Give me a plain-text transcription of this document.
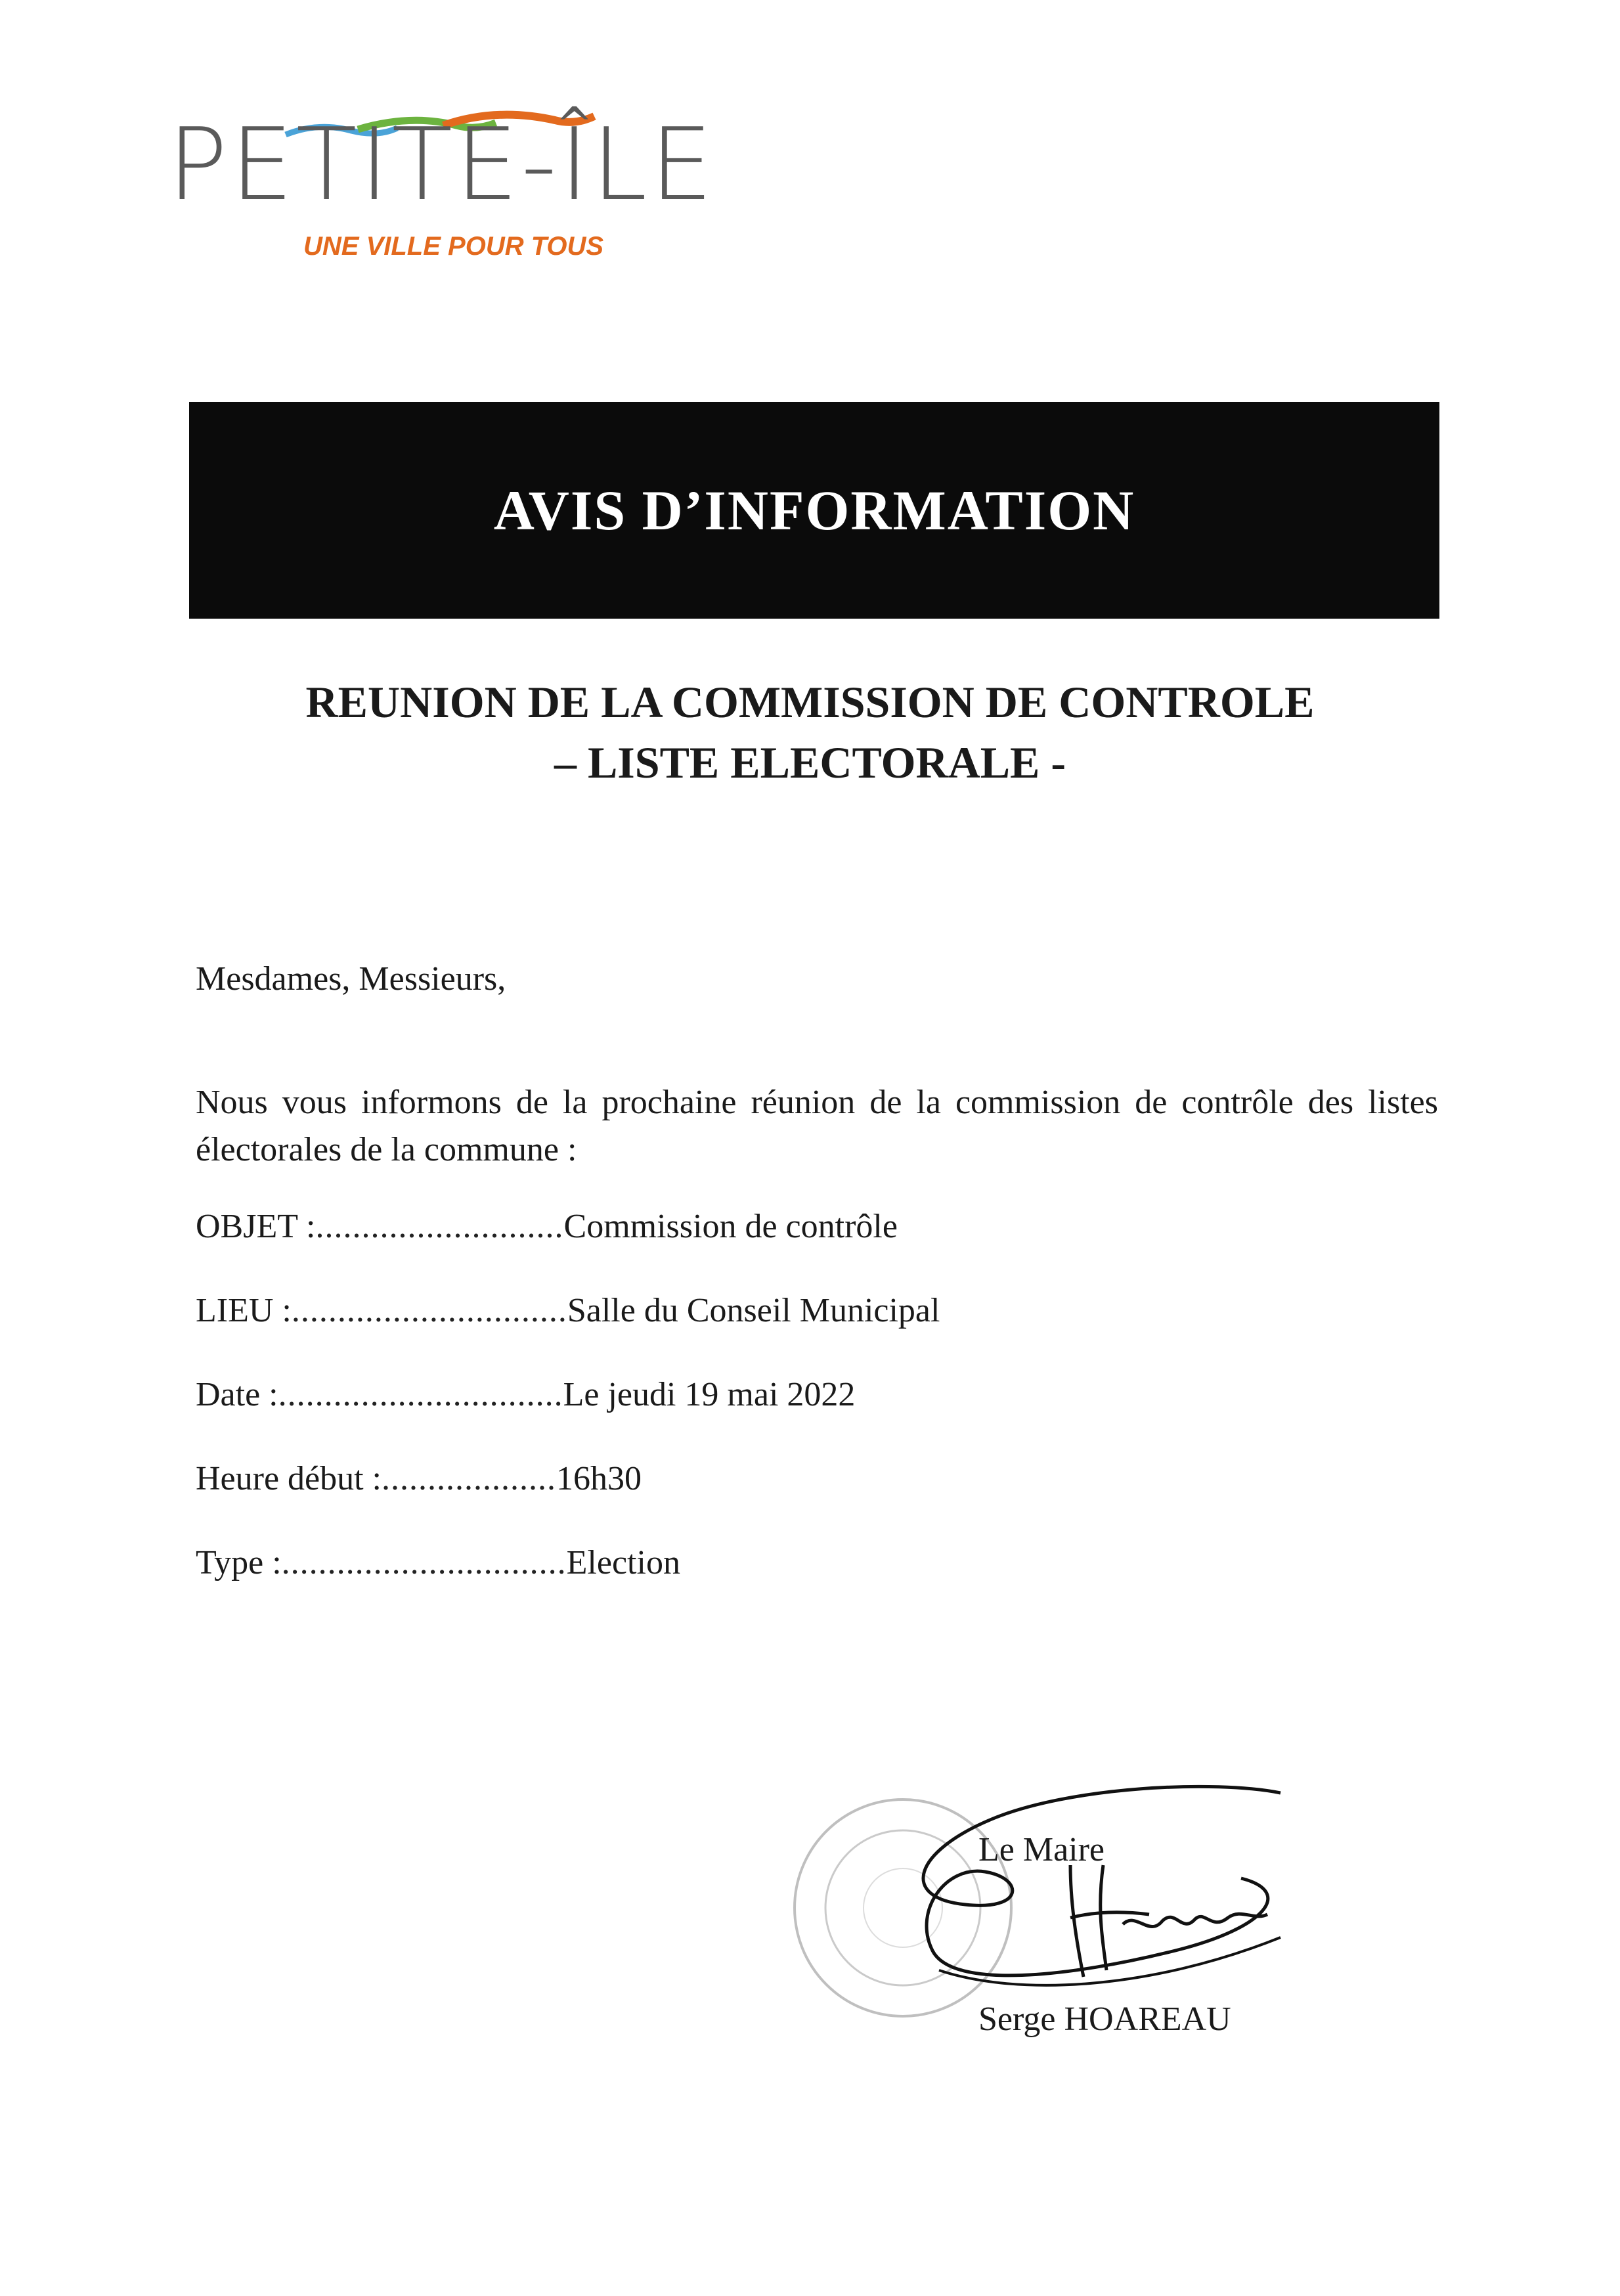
PETITE-ÎLE
UNE VILLE POUR TOUS
AVIS D’INFORMATION
REUNION DE LA COMMISSION DE CONTROLE
– LISTE ELECTORALE -
Mesdames, Messieurs,
Nous vous informons de la prochaine réunion de la commission de contrôle des listes électorales de la commune :
OBJET : ........................... Commission de contrôle
LIEU : .............................. Salle du Conseil Municipal
Date : ............................... Le jeudi 19 mai 2022
Heure début : ................... 16h30
Type : ............................... Election
Le Maire
Serge HOAREAU
